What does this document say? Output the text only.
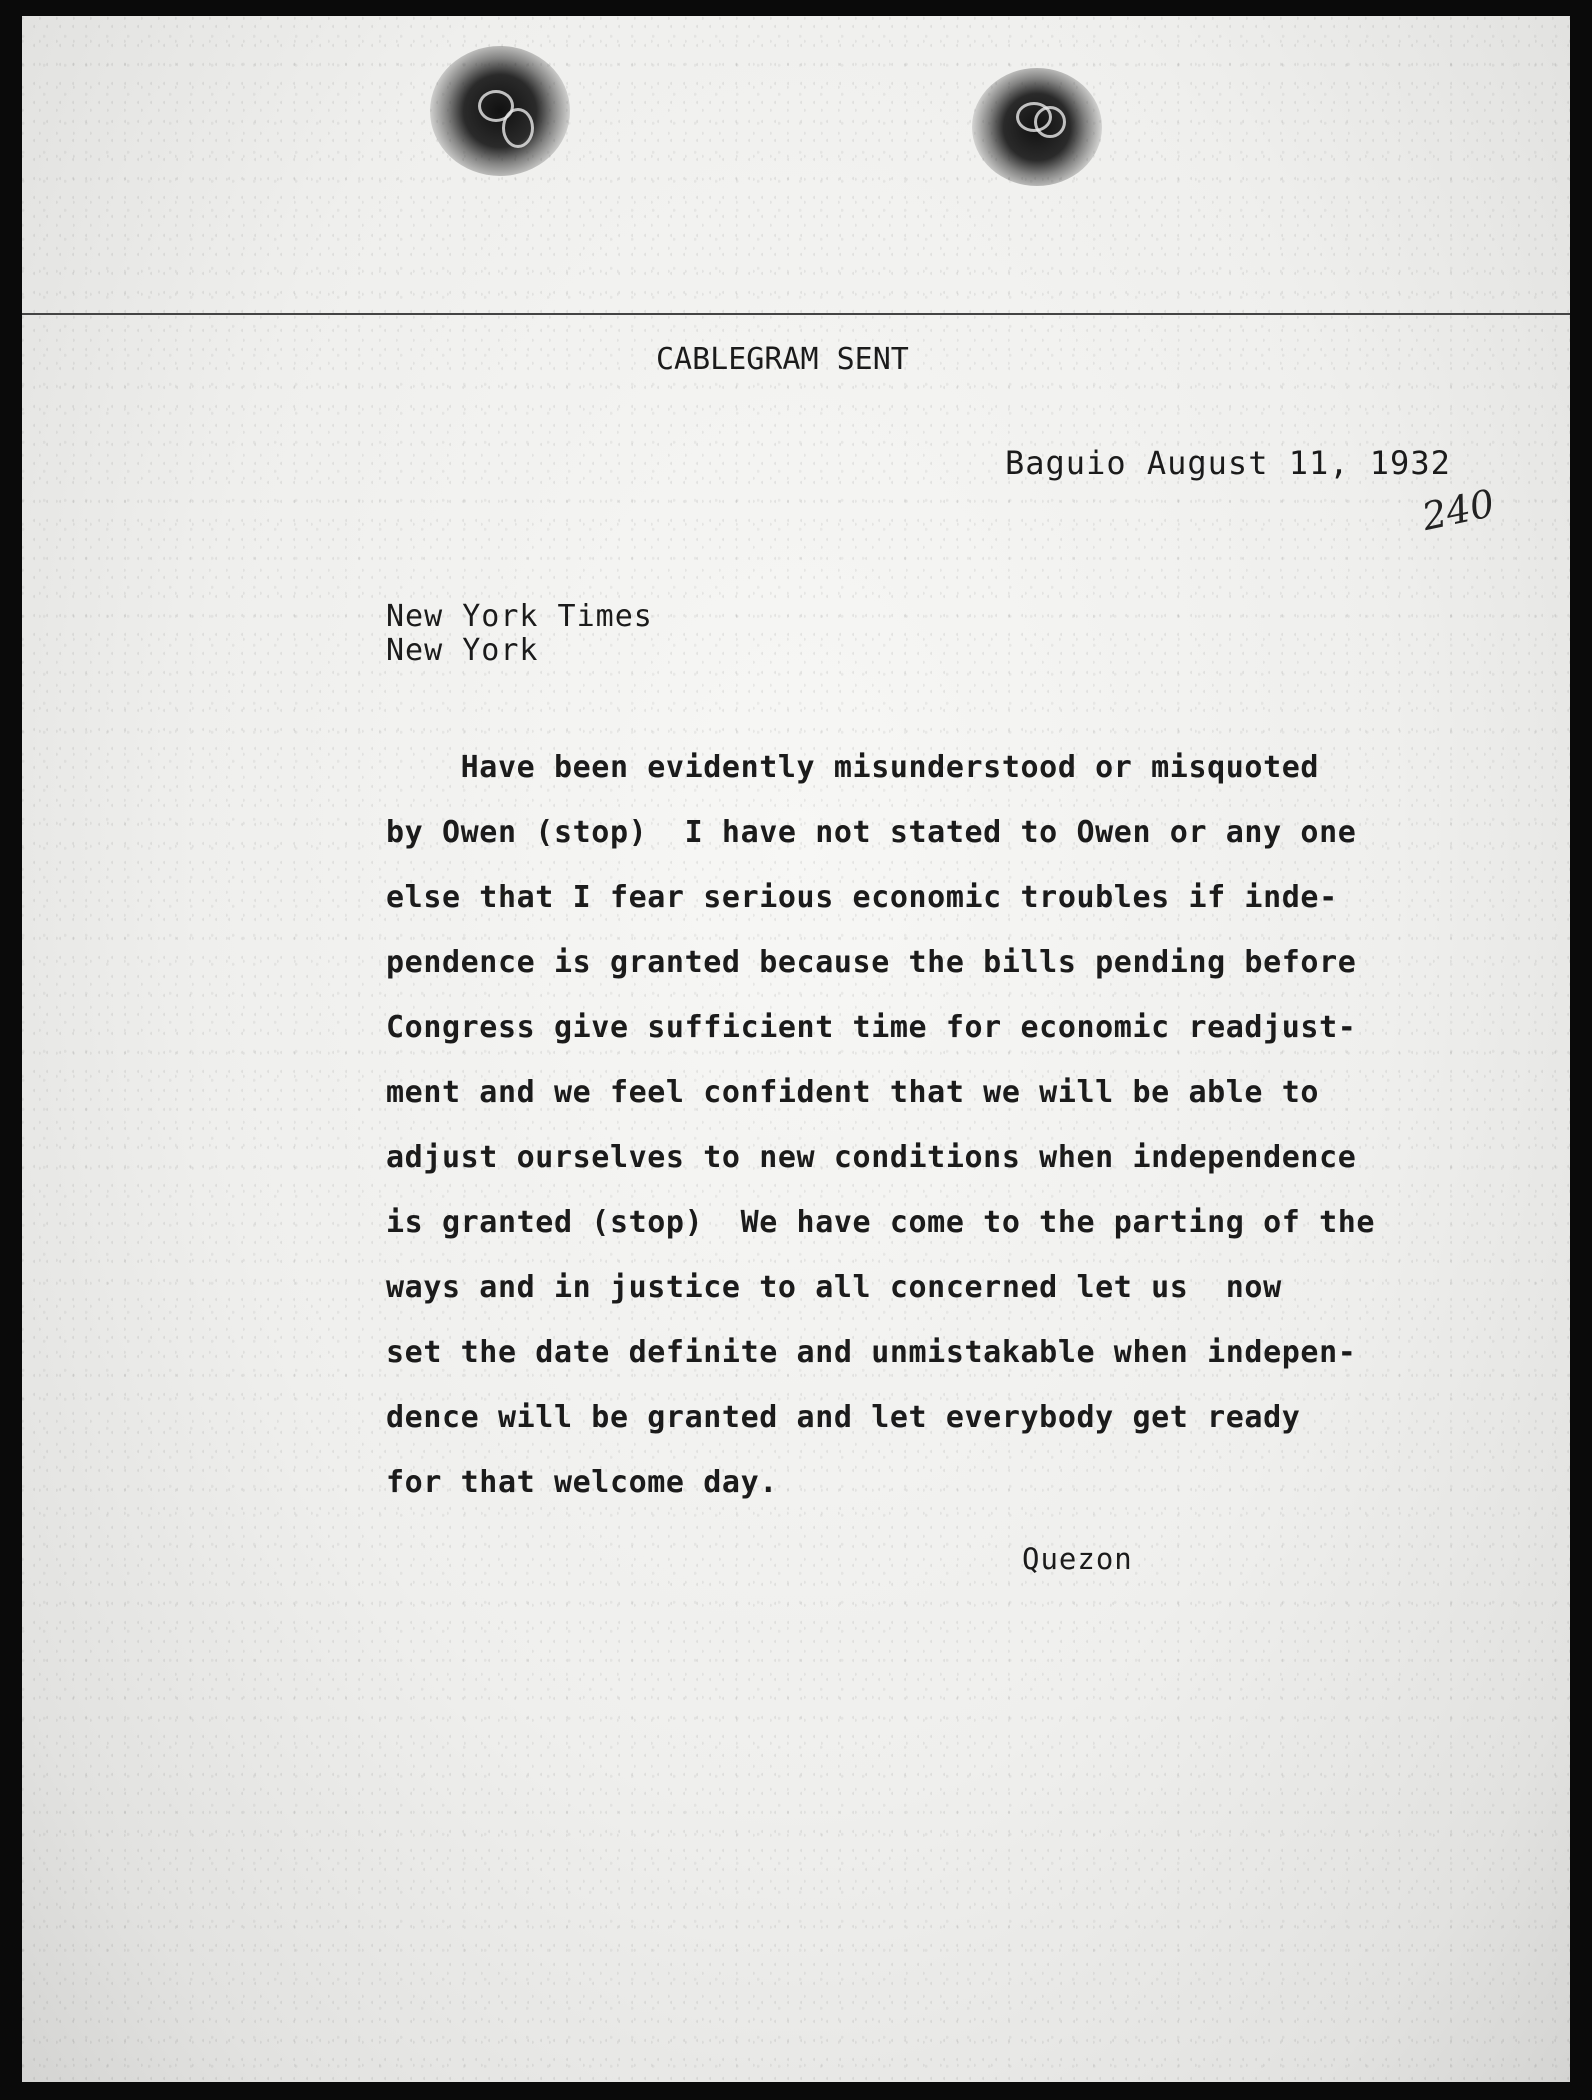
CABLEGRAM SENT
Baguio August 11, 1932
240
New York Times
New York
Have been evidently misunderstood or misquoted
by Owen (stop)  I have not stated to Owen or any one
else that I fear serious economic troubles if inde-
pendence is granted because the bills pending before
Congress give sufficient time for economic readjust-
ment and we feel confident that we will be able to
adjust ourselves to new conditions when independence
is granted (stop)  We have come to the parting of the
ways and in justice to all concerned let us  now
set the date definite and unmistakable when indepen-
dence will be granted and let everybody get ready
for that welcome day.
Quezon
